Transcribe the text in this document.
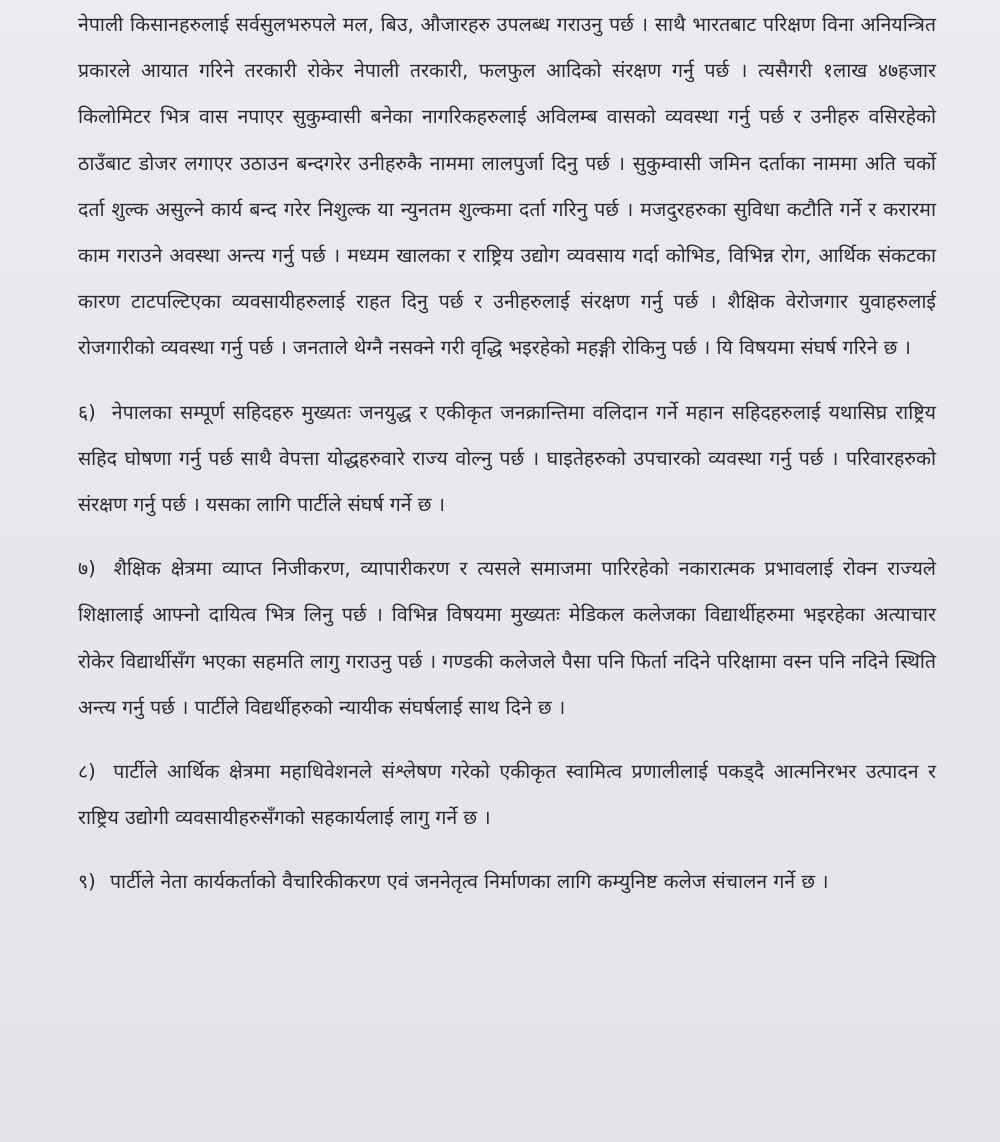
नेपाली किसानहरुलाई सर्वसुलभरुपले मल, बिउ, औजारहरु उपलब्ध गराउनु पर्छ । साथै भारतबाट परिक्षण विना अनियन्त्रित प्रकारले आयात गरिने तरकारी रोकेर नेपाली तरकारी, फलफुल आदिको संरक्षण गर्नु पर्छ । त्यसैगरी १लाख ४७हजार किलोमिटर भित्र वास नपाएर सुकुम्वासी बनेका नागरिकहरुलाई अविलम्ब वासको व्यवस्था गर्नु पर्छ र उनीहरु वसिरहेको ठाउँबाट डोजर लगाएर उठाउन बन्दगरेर उनीहरुकै नाममा लालपुर्जा दिनु पर्छ । सुकुम्वासी जमिन दर्ताका नाममा अति चर्को दर्ता शुल्क असुल्ने कार्य बन्द गरेर निशुल्क या न्युनतम शुल्कमा दर्ता गरिनु पर्छ । मजदुरहरुका सुविधा कटौति गर्ने र करारमा काम गराउने अवस्था अन्त्य गर्नु पर्छ । मध्यम खालका र राष्ट्रिय उद्योग व्यवसाय गर्दा कोभिड, विभिन्न रोग, आर्थिक संकटका कारण टाटपल्टिएका व्यवसायीहरुलाई राहत दिनु पर्छ र उनीहरुलाई संरक्षण गर्नु पर्छ । शैक्षिक वेरोजगार युवाहरुलाई रोजगारीको व्यवस्था गर्नु पर्छ । जनताले थेग्नै नसक्ने गरी वृद्धि भइरहेको महङ्गी रोकिनु पर्छ । यि विषयमा संघर्ष गरिने छ ।

६) नेपालका सम्पूर्ण सहिदहरु मुख्यतः जनयुद्ध र एकीकृत जनक्रान्तिमा वलिदान गर्ने महान सहिदहरुलाई यथासिघ्र राष्ट्रिय सहिद घोषणा गर्नु पर्छ साथै वेपत्ता योद्धहरुवारे राज्य वोल्नु पर्छ । घाइतेहरुको उपचारको व्यवस्था गर्नु पर्छ । परिवारहरुको संरक्षण गर्नु पर्छ । यसका लागि पार्टीले संघर्ष गर्ने छ ।

७) शैक्षिक क्षेत्रमा व्याप्त निजीकरण, व्यापारीकरण र त्यसले समाजमा पारिरहेको नकारात्मक प्रभावलाई रोक्न राज्यले शिक्षालाई आफ्नो दायित्व भित्र लिनु पर्छ । विभिन्न विषयमा मुख्यतः मेडिकल कलेजका विद्यार्थीहरुमा भइरहेका अत्याचार रोकेर विद्यार्थीसँग भएका सहमति लागु गराउनु पर्छ । गण्डकी कलेजले पैसा पनि फिर्ता नदिने परिक्षामा वस्न पनि नदिने स्थिति अन्त्य गर्नु पर्छ । पार्टीले विद्यर्थीहरुको न्यायीक संघर्षलाई साथ दिने छ ।

८) पार्टीले आर्थिक क्षेत्रमा महाधिवेशनले संश्लेषण गरेको एकीकृत स्वामित्व प्रणालीलाई पकड्दै आत्मनिरभर उत्पादन र राष्ट्रिय उद्योगी व्यवसायीहरुसँगको सहकार्यलाई लागु गर्ने छ ।

९) पार्टीले नेता कार्यकर्ताको वैचारिकीकरण एवं जननेतृत्व निर्माणका लागि कम्युनिष्ट कलेज संचालन गर्ने छ ।
